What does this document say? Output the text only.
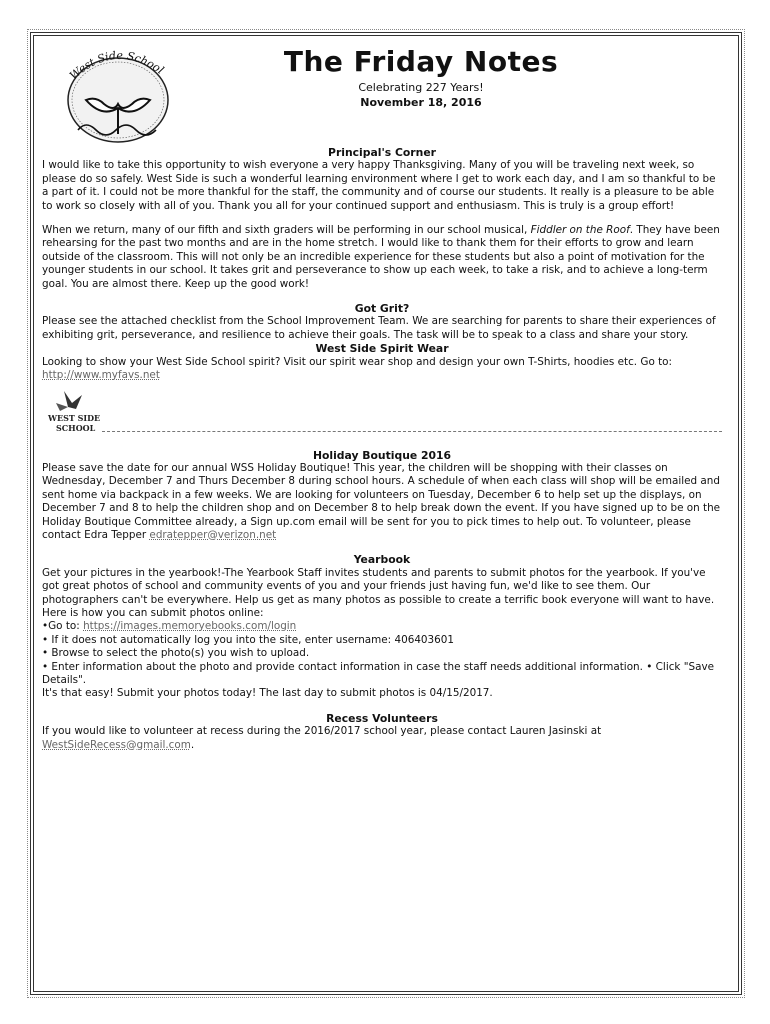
West Side School	The Friday Notes
Celebrating 227 Years!
November 18, 2016
Principal's Corner

I would like to take this opportunity to wish everyone a very happy Thanksgiving. Many of you will be traveling next week, so please do so safely. West Side is such a wonderful learning environment where I get to work each day, and I am so thankful to be a part of it. I could not be more thankful for the staff, the community and of course our students. It really is a pleasure to be able to work so closely with all of you. Thank you all for your continued support and enthusiasm. This is truly is a group effort!

When we return, many of our fifth and sixth graders will be performing in our school musical, Fiddler on the Roof. They have been rehearsing for the past two months and are in the home stretch. I would like to thank them for their efforts to grow and learn outside of the classroom. This will not only be an incredible experience for these students but also a point of motivation for the younger students in our school. It takes grit and perseverance to show up each week, to take a risk, and to achieve a long-term goal. You are almost there. Keep up the good work!

Got Grit?

Please see the attached checklist from the School Improvement Team. We are searching for parents to share their experiences of exhibiting grit, perseverance, and resilience to achieve their goals. The task will be to speak to a class and share your story.

West Side Spirit Wear

Looking to show your West Side School spirit? Visit our spirit wear shop and design your own T-Shirts, hoodies etc. Go to: http://www.myfavs.net

WEST SIDE
SCHOOL
Holiday Boutique 2016

Please save the date for our annual WSS Holiday Boutique! This year, the children will be shopping with their classes on Wednesday, December 7 and Thurs December 8 during school hours. A schedule of when each class will shop will be emailed and sent home via backpack in a few weeks. We are looking for volunteers on Tuesday, December 6 to help set up the displays, on December 7 and 8 to help the children shop and on December 8 to help break down the event. If you have signed up to be on the Holiday Boutique Committee already, a Sign up.com email will be sent for you to pick times to help out. To volunteer, please contact Edra Tepper edratepper@verizon.net

Yearbook

Get your pictures in the yearbook!-The Yearbook Staff invites students and parents to submit photos for the yearbook. If you've got great photos of school and community events of you and your friends just having fun, we'd like to see them. Our photographers can't be everywhere. Help us get as many photos as possible to create a terrific book everyone will want to have.

Here is how you can submit photos online:

•Go to: https://images.memoryebooks.com/login

• If it does not automatically log you into the site, enter username: 406403601

• Browse to select the photo(s) you wish to upload.

• Enter information about the photo and provide contact information in case the staff needs additional information. • Click "Save Details".

It's that easy! Submit your photos today! The last day to submit photos is 04/15/2017.

Recess Volunteers

If you would like to volunteer at recess during the 2016/2017 school year, please contact Lauren Jasinski at WestSideRecess@gmail.com.
